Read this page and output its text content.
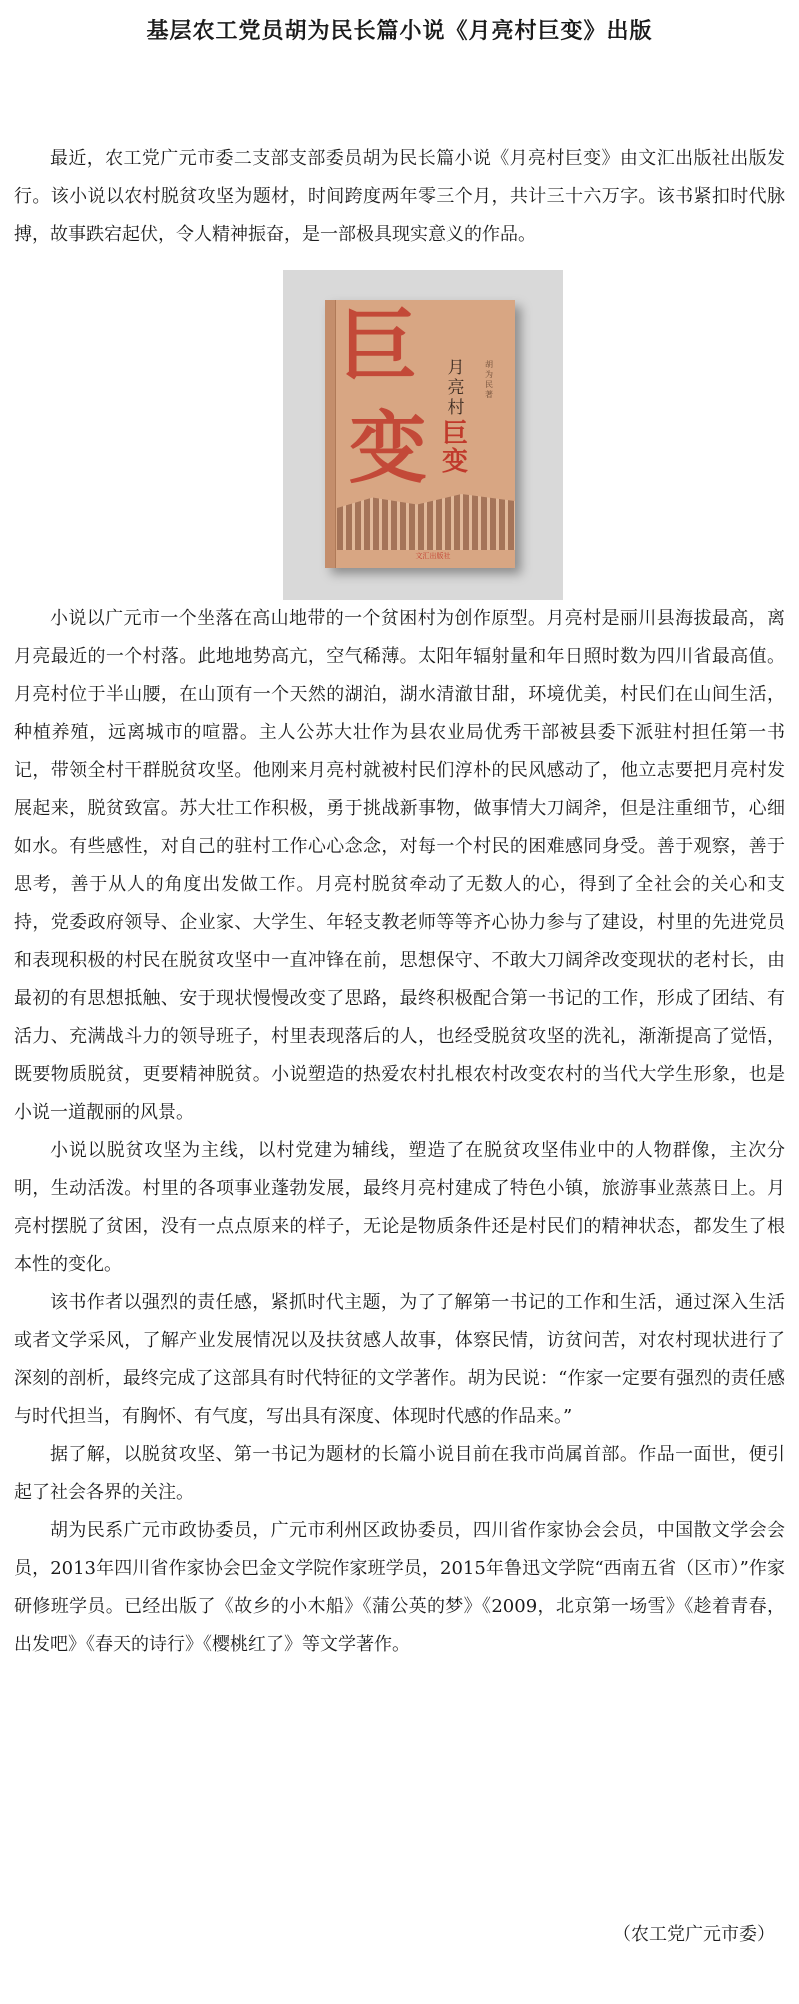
基层农工党员胡为民长篇小说《月亮村巨变》出版

最近，农工党广元市委二支部支部委员胡为民长篇小说《月亮村巨变》由文汇出版社出版发行。该小说以农村脱贫攻坚为题材，时间跨度两年零三个月，共计三十六万字。该书紧扣时代脉搏，故事跌宕起伏，令人精神振奋，是一部极具现实意义的作品。

巨
变
月亮村
巨变
胡为民著
文汇出版社

小说以广元市一个坐落在高山地带的一个贫困村为创作原型。月亮村是丽川县海拔最高，离月亮最近的一个村落。此地地势高亢，空气稀薄。太阳年辐射量和年日照时数为四川省最高值。月亮村位于半山腰，在山顶有一个天然的湖泊，湖水清澈甘甜，环境优美，村民们在山间生活，种植养殖，远离城市的喧嚣。主人公苏大壮作为县农业局优秀干部被县委下派驻村担任第一书记，带领全村干群脱贫攻坚。他刚来月亮村就被村民们淳朴的民风感动了，他立志要把月亮村发展起来，脱贫致富。苏大壮工作积极，勇于挑战新事物，做事情大刀阔斧，但是注重细节，心细如水。有些感性，对自己的驻村工作心心念念，对每一个村民的困难感同身受。善于观察，善于思考，善于从人的角度出发做工作。月亮村脱贫牵动了无数人的心，得到了全社会的关心和支持，党委政府领导、企业家、大学生、年轻支教老师等等齐心协力参与了建设，村里的先进党员和表现积极的村民在脱贫攻坚中一直冲锋在前，思想保守、不敢大刀阔斧改变现状的老村长，由最初的有思想抵触、安于现状慢慢改变了思路，最终积极配合第一书记的工作，形成了团结、有活力、充满战斗力的领导班子，村里表现落后的人，也经受脱贫攻坚的洗礼，渐渐提高了觉悟，既要物质脱贫，更要精神脱贫。小说塑造的热爱农村扎根农村改变农村的当代大学生形象，也是小说一道靓丽的风景。

小说以脱贫攻坚为主线，以村党建为辅线，塑造了在脱贫攻坚伟业中的人物群像，主次分明，生动活泼。村里的各项事业蓬勃发展，最终月亮村建成了特色小镇，旅游事业蒸蒸日上。月亮村摆脱了贫困，没有一点点原来的样子，无论是物质条件还是村民们的精神状态，都发生了根本性的变化。

该书作者以强烈的责任感，紧抓时代主题，为了了解第一书记的工作和生活，通过深入生活或者文学采风，了解产业发展情况以及扶贫感人故事，体察民情，访贫问苦，对农村现状进行了深刻的剖析，最终完成了这部具有时代特征的文学著作。胡为民说：“作家一定要有强烈的责任感与时代担当，有胸怀、有气度，写出具有深度、体现时代感的作品来。”

据了解，以脱贫攻坚、第一书记为题材的长篇小说目前在我市尚属首部。作品一面世，便引起了社会各界的关注。

胡为民系广元市政协委员，广元市利州区政协委员，四川省作家协会会员，中国散文学会会员，2013年四川省作家协会巴金文学院作家班学员，2015年鲁迅文学院“西南五省（区市）”作家研修班学员。已经出版了《故乡的小木船》《蒲公英的梦》《2009，北京第一场雪》《趁着青春，出发吧》《春天的诗行》《樱桃红了》等文学著作。

（农工党广元市委）
